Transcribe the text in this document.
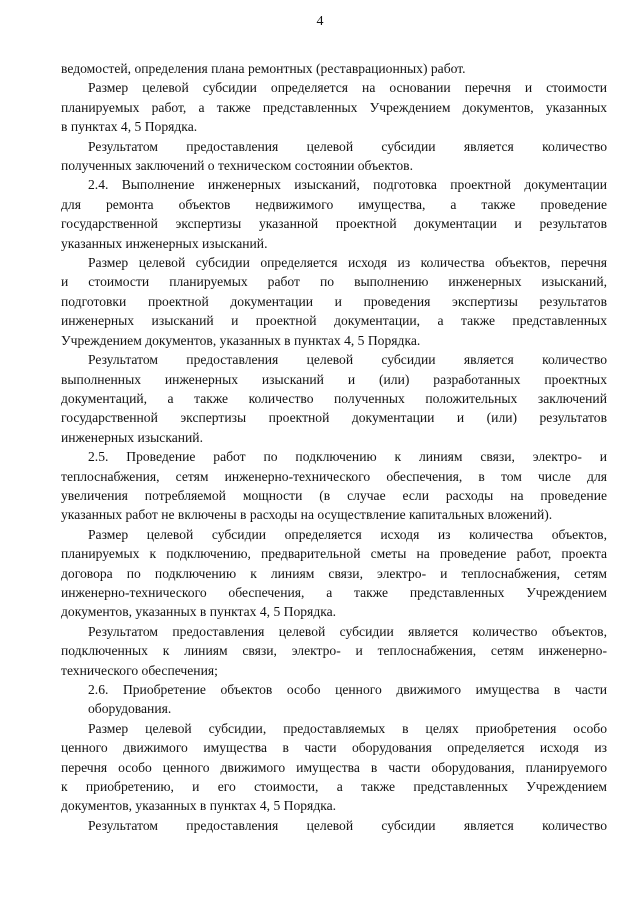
4
ведомостей, определения плана ремонтных (реставрационных) работ.
Размер целевой субсидии определяется на основании перечня и стоимости
планируемых работ, а также представленных Учреждением документов, указанных
в пунктах 4, 5 Порядка.
Результатом предоставления целевой субсидии является количество
полученных заключений о техническом состоянии объектов.
2.4. Выполнение инженерных изысканий, подготовка проектной документации
для ремонта объектов недвижимого имущества, а также проведение
государственной экспертизы указанной проектной документации и результатов
указанных инженерных изысканий.
Размер целевой субсидии определяется исходя из количества объектов, перечня
и стоимости планируемых работ по выполнению инженерных изысканий,
подготовки проектной документации и проведения экспертизы результатов
инженерных изысканий и проектной документации, а также представленных
Учреждением документов, указанных в пунктах 4, 5 Порядка.
Результатом предоставления целевой субсидии является количество
выполненных инженерных изысканий и (или) разработанных проектных
документаций, а также количество полученных положительных заключений
государственной экспертизы проектной документации и (или) результатов
инженерных изысканий.
2.5. Проведение работ по подключению к линиям связи, электро- и
теплоснабжения, сетям инженерно-технического обеспечения, в том числе для
увеличения потребляемой мощности (в случае если расходы на проведение
указанных работ не включены в расходы на осуществление капитальных вложений).
Размер целевой субсидии определяется исходя из количества объектов,
планируемых к подключению, предварительной сметы на проведение работ, проекта
договора по подключению к линиям связи, электро- и теплоснабжения, сетям
инженерно-технического обеспечения, а также представленных Учреждением
документов, указанных в пунктах 4, 5 Порядка.
Результатом предоставления целевой субсидии является количество объектов,
подключенных к линиям связи, электро- и теплоснабжения, сетям инженерно-
технического обеспечения;
2.6. Приобретение объектов особо ценного движимого имущества в части
оборудования.
Размер целевой субсидии, предоставляемых в целях приобретения особо
ценного движимого имущества в части оборудования определяется исходя из
перечня особо ценного движимого имущества в части оборудования, планируемого
к приобретению, и его стоимости, а также представленных Учреждением
документов, указанных в пунктах 4, 5 Порядка.
Результатом предоставления целевой субсидии является количество
